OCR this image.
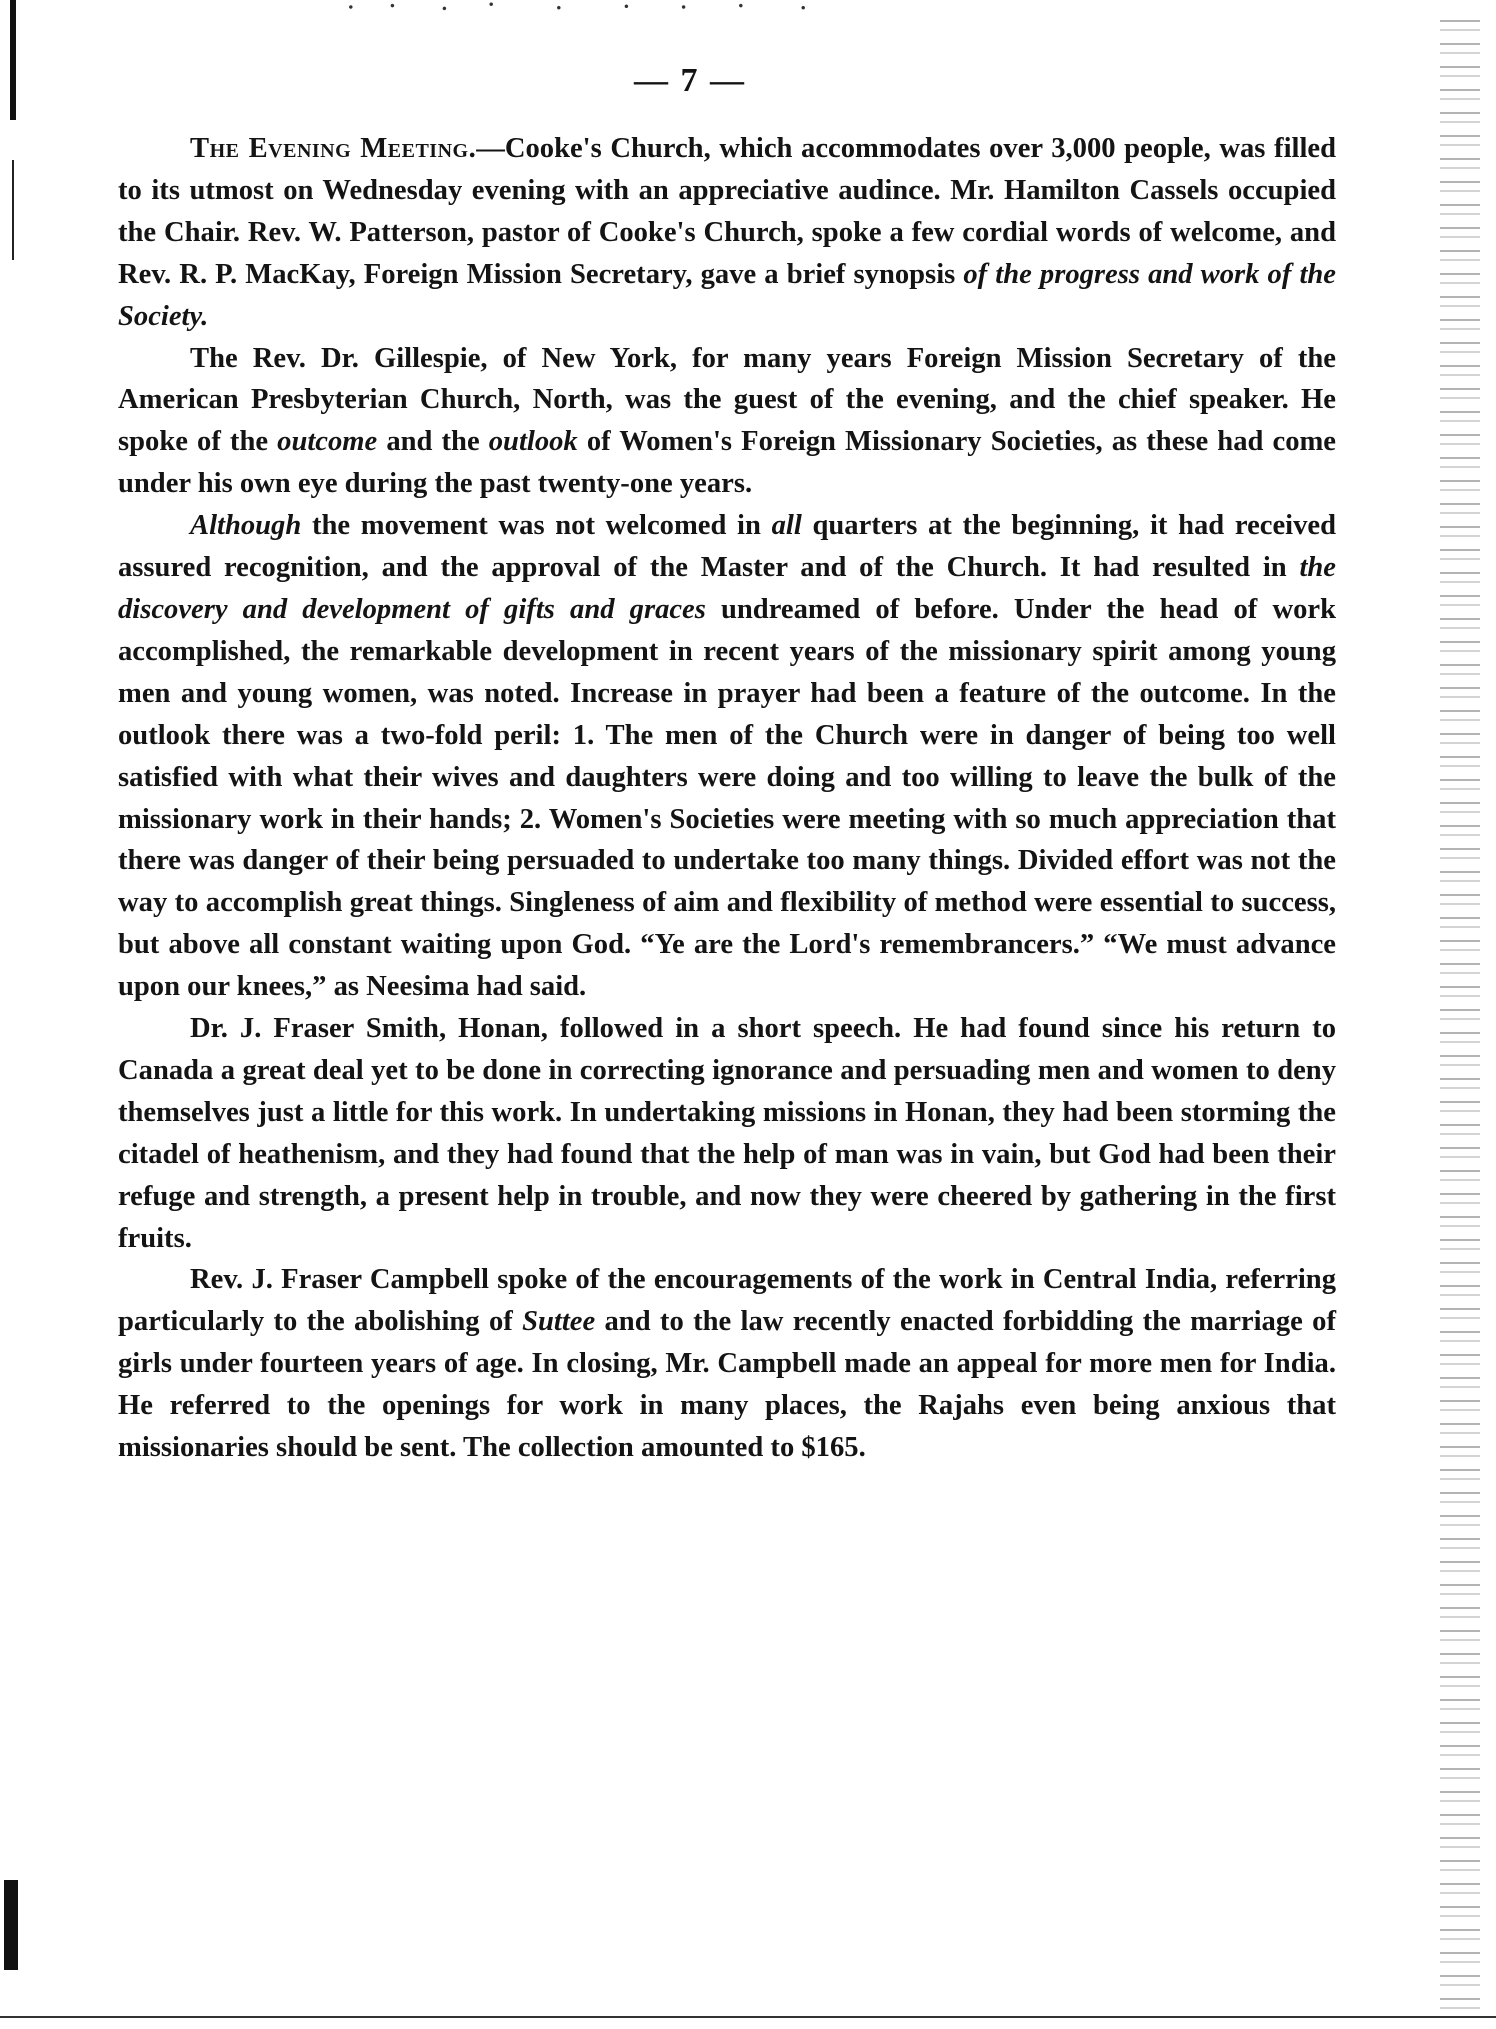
— 7 —

The Evening Meeting.—Cooke's Church, which accommodates over 3,000 people, was filled to its utmost on Wednesday evening with an appreciative audince. Mr. Hamilton Cassels occupied the Chair. Rev. W. Patterson, pastor of Cooke's Church, spoke a few cordial words of welcome, and Rev. R. P. MacKay, Foreign Mission Secretary, gave a brief synopsis of the progress and work of the Society.

The Rev. Dr. Gillespie, of New York, for many years Foreign Mission Secretary of the American Presbyterian Church, North, was the guest of the evening, and the chief speaker. He spoke of the outcome and the outlook of Women's Foreign Missionary Societies, as these had come under his own eye during the past twenty-one years.

Although the movement was not welcomed in all quarters at the beginning, it had received assured recognition, and the approval of the Master and of the Church. It had resulted in the discovery and development of gifts and graces undreamed of before. Under the head of work accomplished, the remarkable development in recent years of the missionary spirit among young men and young women, was noted. Increase in prayer had been a feature of the outcome. In the outlook there was a two-fold peril: 1. The men of the Church were in danger of being too well satisfied with what their wives and daughters were doing and too willing to leave the bulk of the missionary work in their hands; 2. Women's Societies were meeting with so much appreciation that there was danger of their being persuaded to undertake too many things. Divided effort was not the way to accomplish great things. Singleness of aim and flexibility of method were essential to success, but above all constant waiting upon God. “Ye are the Lord's remembrancers.” “We must advance upon our knees,” as Neesima had said.

Dr. J. Fraser Smith, Honan, followed in a short speech. He had found since his return to Canada a great deal yet to be done in correcting ignorance and persuading men and women to deny themselves just a little for this work. In undertaking missions in Honan, they had been storming the citadel of heathenism, and they had found that the help of man was in vain, but God had been their refuge and strength, a present help in trouble, and now they were cheered by gathering in the first fruits.

Rev. J. Fraser Campbell spoke of the encouragements of the work in Central India, referring particularly to the abolishing of Suttee and to the law recently enacted forbidding the marriage of girls under fourteen years of age. In closing, Mr. Campbell made an appeal for more men for India. He referred to the openings for work in many places, the Rajahs even being anxious that missionaries should be sent. The collection amounted to $165.
